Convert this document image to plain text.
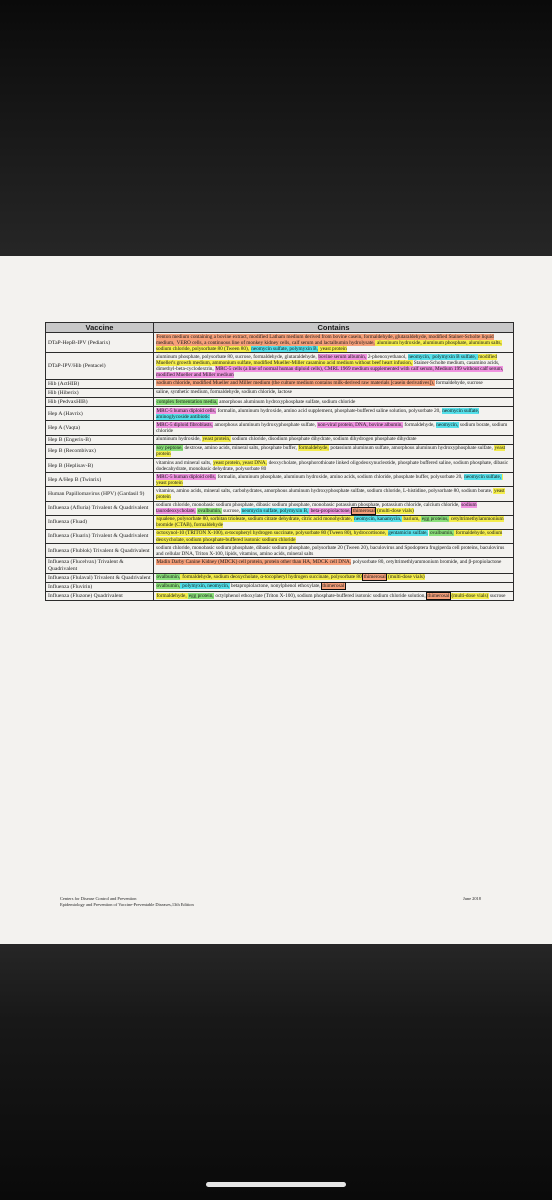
Vaccine	Contains
DTaP-HepB-IPV (Pediarix)	Fenton medium containing a bovine extract, modified Latham medium derived from bovine casein, formaldehyde, glutaraldehyde, modified Stainer-Scholte liquid medium, VERO cells, a continuous line of monkey kidney cells, calf serum and lactalbumin hydrolysate, aluminum hydroxide, aluminum phosphate, aluminum salts, sodium chloride, polysorbate 80 (Tween 80), neomycin sulfate, polymyxin B, yeast protein
DTaP-IPV/Hib (Pentacel)	aluminum phosphate, polysorbate 80, sucrose, formaldehyde, glutaraldehyde, bovine serum albumin, 2-phenoxyethanol, neomycin, polymyxin B sulfate, modified Mueller's growth medium, ammonium sulfate, modified Mueller-Miller casamino acid medium without beef heart infusion, Stainer-Scholte medium, casamino acids, dimethyl-beta-cyclodextrin, MRC-5 cells (a line of normal human diploid cells), CMRL 1969 medium supplemented with calf serum, Medium 199 without calf serum, modified Mueller and Miller medium
Hib (ActHIB)	sodium chloride, modified Mueller and Miller medium (the culture medium contains milk-derived raw materials [casein derivatives]), formaldehyde, sucrose
Hib (Hiberix)	saline, synthetic medium, formaldehyde, sodium chloride, lactose
Hib (PedvaxHIB)	complex fermentation media, amorphous aluminum hydroxyphosphate sulfate, sodium chloride
Hep A (Havrix)	MRC-5 human diploid cells, formalin, aluminum hydroxide, amino acid supplement, phosphate-buffered saline solution, polysorbate 20, neomycin sulfate, aminoglycoside antibiotic
Hep A (Vaqta)	MRC-5 diploid fibroblasts, amorphous aluminum hydroxyphosphate sulfate, non-viral protein, DNA, bovine albumin, formaldehyde, neomycin, sodium borate, sodium chloride
Hep B (Engerix-B)	aluminum hydroxide, yeast protein, sodium chloride, disodium phosphate dihydrate, sodium dihydrogen phosphate dihydrate
Hep B (Recombivax)	soy peptone, dextrose, amino acids, mineral salts, phosphate buffer, formaldehyde, potassium aluminum sulfate, amorphous aluminum hydroxyphosphate sulfate, yeast protein
Hep B (Heplisav-B)	vitamins and mineral salts, yeast protein, yeast DNA, deoxycholate, phosphorothioate linked oligodeoxynucleotide, phosphate buffered saline, sodium phosphate, dibasic dodecahydrate, monobasic dehydrate, polysorbate 80
Hep A/Hep B (Twinrix)	MRC-5 human diploid cells, formalin, aluminum phosphate, aluminum hydroxide, amino acids, sodium chloride, phosphate buffer, polysorbate 20, neomycin sulfate, yeast protein
Human Papillomavirus (HPV) (Gardasil 9)	vitamins, amino acids, mineral salts, carbohydrates, amorphous aluminum hydroxyphosphate sulfate, sodium chloride, L-histidine, polysorbate 80, sodium borate, yeast protein
Influenza (Afluria) Trivalent & Quadrivalent	sodium chloride, monobasic sodium phosphate, dibasic sodium phosphate, monobasic potassium phosphate, potassium chloride, calcium chloride, sodium taurodeoxycholate, ovalbumin, sucrose, neomycin sulfate, polymyxin B, beta-propiolactone, thimerosal (multi-dose vials)
Influenza (Fluad)	squalene, polysorbate 80, sorbitan trioleate, sodium citrate dehydrate, citric acid monohydrate, neomycin, kanamycin, barium, egg proteins, cetyltrimethylammonium bromide (CTAB), formaldehyde
Influenza (Fluarix) Trivalent & Quadrivalent	octoxynol-10 (TRITON X-100), α-tocopheryl hydrogen succinate, polysorbate 80 (Tween 80), hydrocortisone, gentamicin sulfate, ovalbumin, formaldehyde, sodium deoxycholate, sodium phosphate-buffered isotonic sodium chloride
Influenza (Flublok) Trivalent & Quadrivalent	sodium chloride, monobasic sodium phosphate, dibasic sodium phosphate, polysorbate 20 (Tween 20), baculovirus and Spodoptera frugiperda cell proteins, baculovirus and cellular DNA, Triton X-100, lipids, vitamins, amino acids, mineral salts
Influenza (Flucelvax) Trivalent & Quadrivalent	Madin Darby Canine Kidney (MDCK) cell protein, protein other than HA, MDCK cell DNA, polysorbate 80, cetyltrimethlyammonium bromide, and β-propiolactone
Influenza (Flulaval) Trivalent & Quadrivalent	ovalbumin, formaldehyde, sodium deoxycholate, α-tocopheryl hydrogen succinate, polysorbate 80 thimerosal (multi-dose vials)
Influenza (Fluvirin)	ovalbumin, polymyxin, neomycin, betapropiolactone, nonylphenol ethoxylate, thimerosal
Influenza (Fluzone) Quadrivalent	formaldehyde, egg protein, octylphenol ethoxylate (Triton X-100), sodium phosphate-buffered isotonic sodium chloride solution, thimerosal (multi-dose vials) sucrose
Centers for Disease Control and Prevention
Epidemiology and Prevention of Vaccine-Preventable Diseases,13th Edition
June 2018
